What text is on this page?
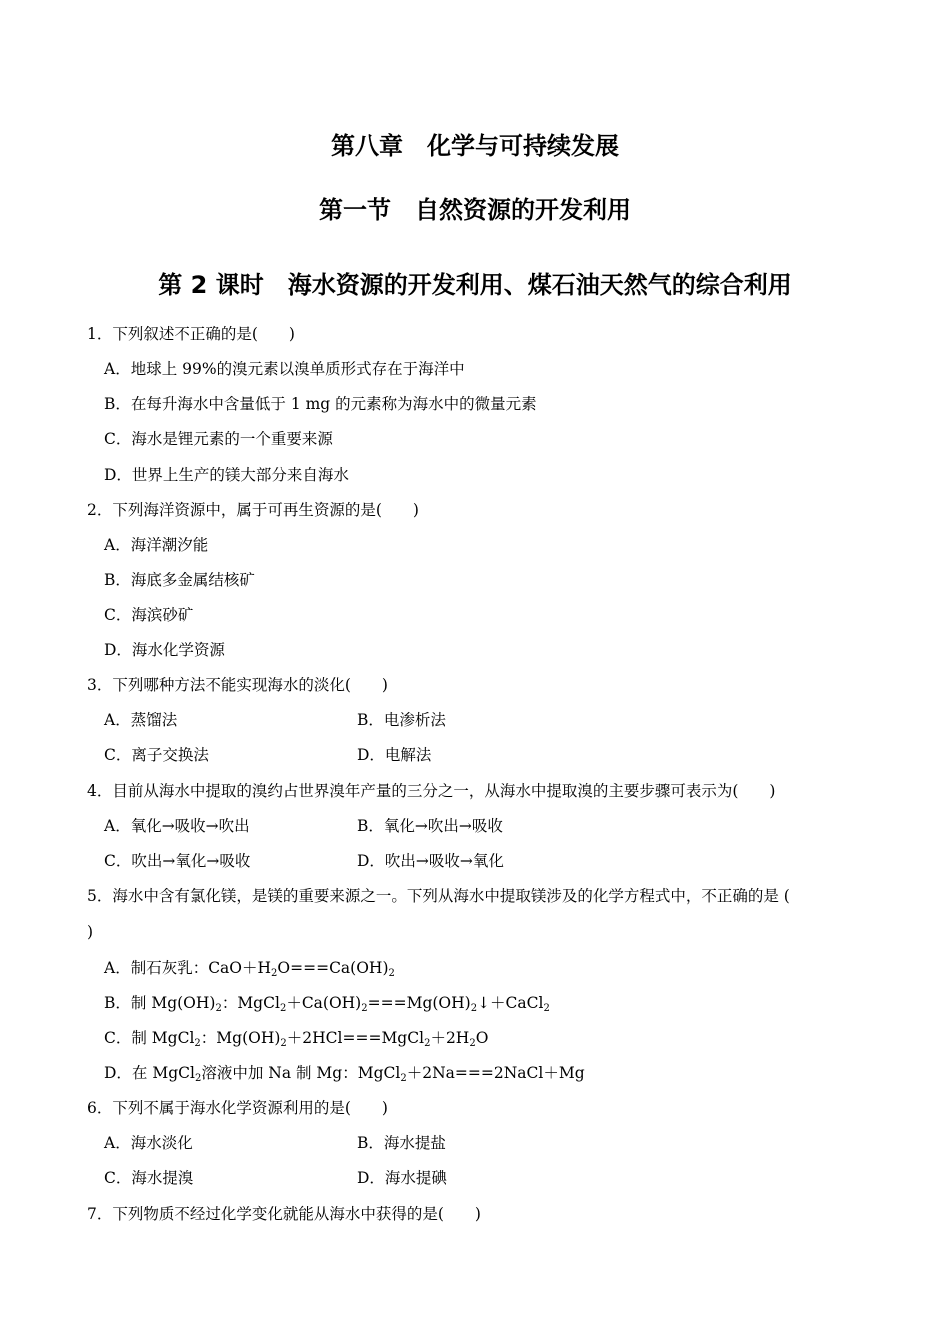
第八章　化学与可持续发展
第一节　自然资源的开发利用
第 2 课时　海水资源的开发利用、煤石油天然气的综合利用
1．下列叙述不正确的是(　　)
A．地球上 99%的溴元素以溴单质形式存在于海洋中
B．在每升海水中含量低于 1 mg 的元素称为海水中的微量元素
C．海水是锂元素的一个重要来源
D．世界上生产的镁大部分来自海水
2．下列海洋资源中，属于可再生资源的是(　　)
A．海洋潮汐能
B．海底多金属结核矿
C．海滨砂矿
D．海水化学资源
3．下列哪种方法不能实现海水的淡化(　　)
A．蒸馏法	B．电渗析法
C．离子交换法	D．电解法
4．目前从海水中提取的溴约占世界溴年产量的三分之一，从海水中提取溴的主要步骤可表示为(　　)
A．氧化→吸收→吹出	B．氧化→吹出→吸收
C．吹出→氧化→吸收	D．吹出→吸收→氧化
5．海水中含有氯化镁，是镁的重要来源之一。下列从海水中提取镁涉及的化学方程式中，不正确的是 (
)
A．制石灰乳：$CaO+H_2O===Ca(OH)_2$
B．制 $Mg(OH)_2$：$MgCl_2+Ca(OH)_2===Mg(OH)_2↓+CaCl_2$
C．制 MgCl$_2$：$Mg(OH)_2+2HCl===MgCl_2+2H_2O$
D．在 MgCl$_2$溶液中加 Na 制 Mg：MgCl$_2$＋2Na===2NaCl＋Mg
6．下列不属于海水化学资源利用的是(　　)
A．海水淡化	B．海水提盐
C．海水提溴	D．海水提碘
7．下列物质不经过化学变化就能从海水中获得的是(　　)
